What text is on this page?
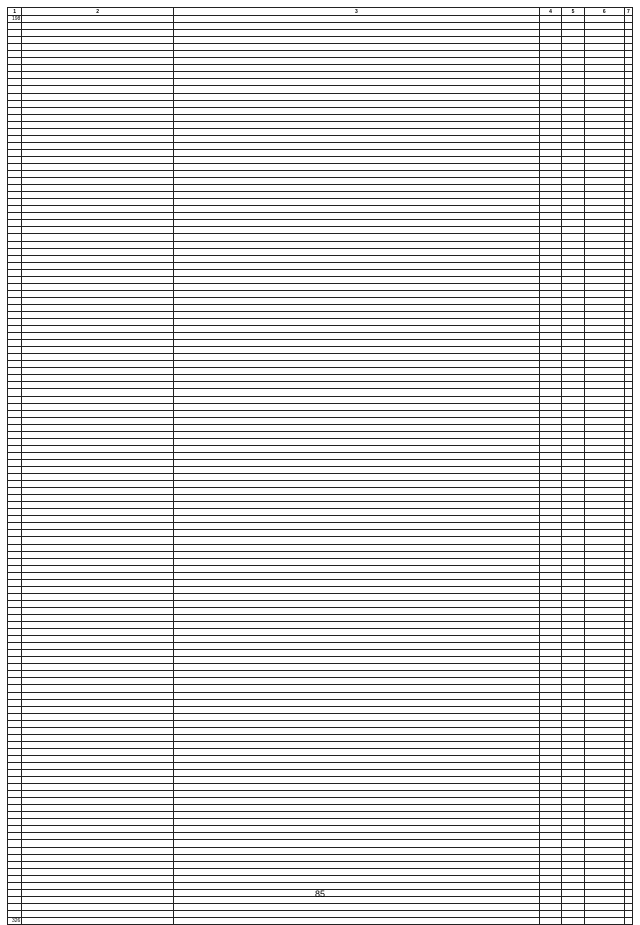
1	2	3	4	5	6	7
198						

326						
85
